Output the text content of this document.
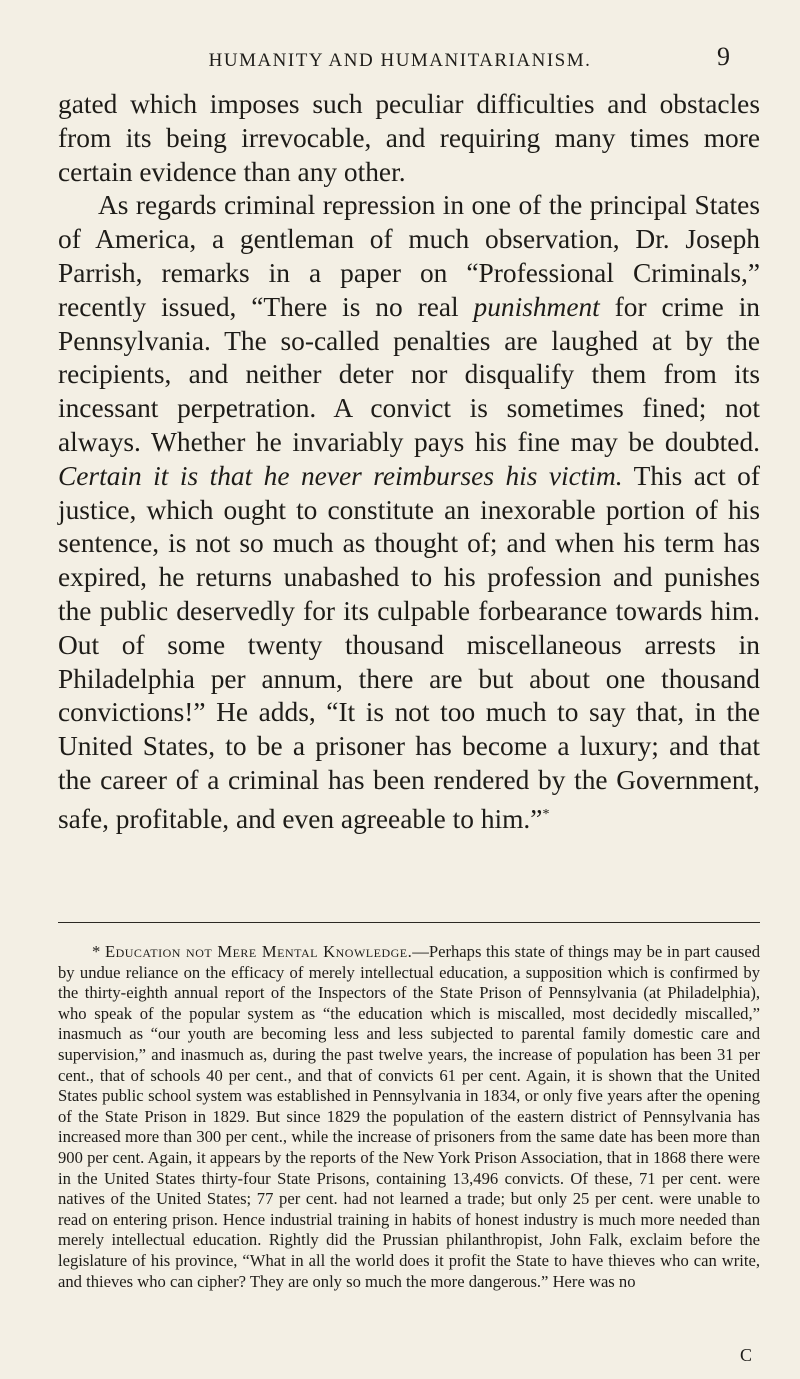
HUMANITY AND HUMANITARIANISM.	9

gated which imposes such peculiar difficulties and obstacles from its being irrevocable, and requiring many times more certain evidence than any other.

As regards criminal repression in one of the principal States of America, a gentleman of much observation, Dr. Joseph Parrish, remarks in a paper on “Professional Criminals,” recently issued, “There is no real punishment for crime in Pennsylvania. The so-called penalties are laughed at by the recipients, and neither deter nor disqualify them from its incessant perpetration. A convict is sometimes fined; not always. Whether he invariably pays his fine may be doubted. Certain it is that he never reimburses his victim. This act of justice, which ought to constitute an inexorable portion of his sentence, is not so much as thought of; and when his term has expired, he returns unabashed to his profession and punishes the public deservedly for its culpable forbearance towards him. Out of some twenty thousand miscellaneous arrests in Philadelphia per annum, there are but about one thousand convictions!” He adds, “It is not too much to say that, in the United States, to be a prisoner has become a luxury; and that the career of a criminal has been rendered by the Government, safe, profitable, and even agreeable to him.”*

* Education not Mere Mental Knowledge.—Perhaps this state of things may be in part caused by undue reliance on the efficacy of merely intellectual education, a supposition which is confirmed by the thirty-eighth annual report of the Inspectors of the State Prison of Pennsylvania (at Philadelphia), who speak of the popular system as “the education which is miscalled, most decidedly miscalled,” inasmuch as “our youth are becoming less and less subjected to parental family domestic care and supervision,” and inasmuch as, during the past twelve years, the increase of population has been 31 per cent., that of schools 40 per cent., and that of convicts 61 per cent. Again, it is shown that the United States public school system was established in Pennsylvania in 1834, or only five years after the opening of the State Prison in 1829. But since 1829 the population of the eastern district of Pennsylvania has increased more than 300 per cent., while the increase of prisoners from the same date has been more than 900 per cent. Again, it appears by the reports of the New York Prison Association, that in 1868 there were in the United States thirty-four State Prisons, containing 13,496 convicts. Of these, 71 per cent. were natives of the United States; 77 per cent. had not learned a trade; but only 25 per cent. were unable to read on entering prison. Hence industrial training in habits of honest industry is much more needed than merely intellectual education. Rightly did the Prussian philanthropist, John Falk, exclaim before the legislature of his province, “What in all the world does it profit the State to have thieves who can write, and thieves who can cipher? They are only so much the more dangerous.” Here was no
C
